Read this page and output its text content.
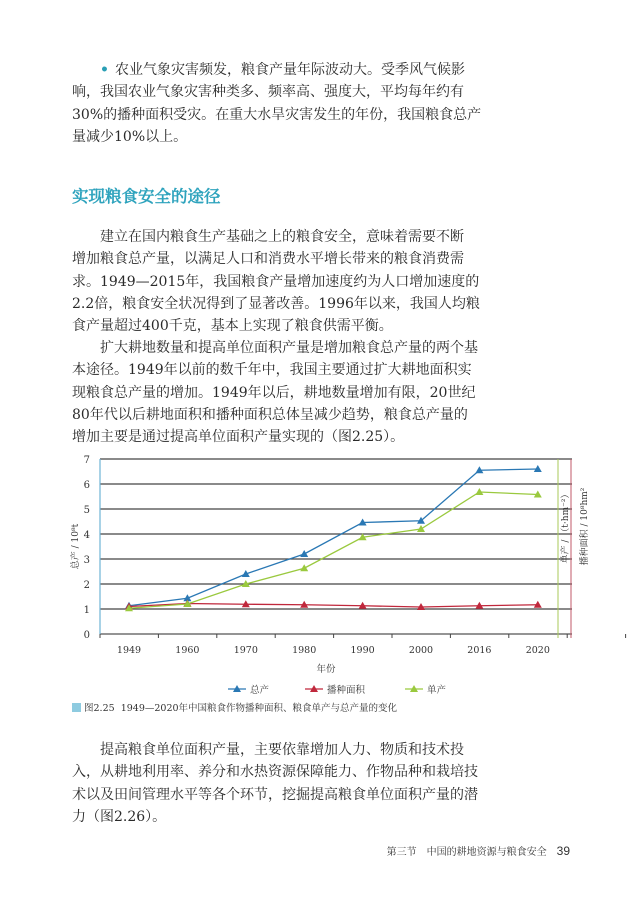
• 农业气象灾害频发，粮食产量年际波动大。受季风气候影
响，我国农业气象灾害种类多、频率高、强度大，平均每年约有
30%的播种面积受灾。在重大水旱灾害发生的年份，我国粮食总产
量减少10%以上。
实现粮食安全的途径
建立在国内粮食生产基础之上的粮食安全，意味着需要不断
增加粮食总产量，以满足人口和消费水平增长带来的粮食消费需
求。1949—2015年，我国粮食产量增加速度约为人口增加速度的
2.2倍，粮食安全状况得到了显著改善。1996年以来，我国人均粮
食产量超过400千克，基本上实现了粮食供需平衡。
扩大耕地数量和提高单位面积产量是增加粮食总产量的两个基
本途径。1949年以前的数千年中，我国主要通过扩大耕地面积实
现粮食总产量的增加。1949年以后，耕地数量增加有限，20世纪
80年代以后耕地面积和播种面积总体呈减少趋势，粮食总产量的
增加主要是通过提高单位面积产量实现的（图2.25）。
0
1
2
3
4
5
6
7
1949	1960	1970	1980	1990	2000	2016	2020
年份
总产 / 10⁸t	单产 / （t·hm⁻²） 播种面积 / 10⁸hm²
总产	播种面积	单产
图2.25 1949—2020年中国粮食作物播种面积、粮食单产与总产量的变化
提高粮食单位面积产量，主要依靠增加人力、物质和技术投
入，从耕地利用率、养分和水热资源保障能力、作物品种和栽培技
术以及田间管理水平等各个环节，挖掘提高粮食单位面积产量的潜
力（图2.26）。
第三节　中国的耕地资源与粮食安全 39
